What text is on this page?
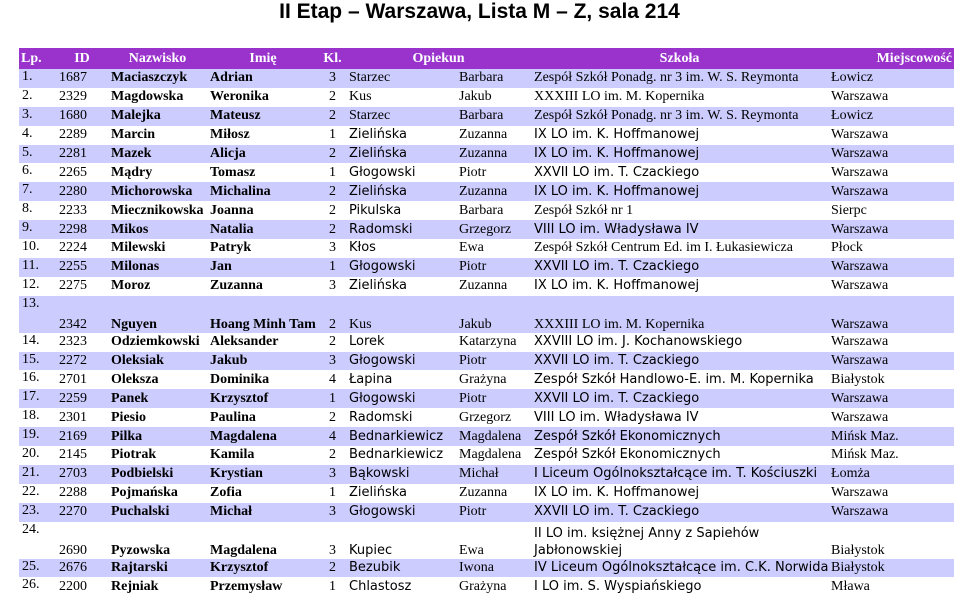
II Etap – Warszawa, Lista M – Z, sala 214
Lp.	ID	Nazwisko	Imię	Kl.	Opiekun		Szkoła	Miejscowość
1.	1687	Maciaszczyk	Adrian	3	Starzec	Barbara	Zespół Szkół Ponadg. nr 3 im. W. S. Reymonta	Łowicz
2.	2329	Magdowska	Weronika	2	Kus	Jakub	XXXIII LO im. M. Kopernika	Warszawa
3.	1680	Malejka	Mateusz	2	Starzec	Barbara	Zespół Szkół Ponadg. nr 3 im. W. S. Reymonta	Łowicz
4.	2289	Marcin	Miłosz	1	Zielińska	Zuzanna	IX LO im. K. Hoffmanowej	Warszawa
5.	2281	Mazek	Alicja	2	Zielińska	Zuzanna	IX LO im. K. Hoffmanowej	Warszawa
6.	2265	Mądry	Tomasz	1	Głogowski	Piotr	XXVII LO im. T. Czackiego	Warszawa
7.	2280	Michorowska	Michalina	2	Zielińska	Zuzanna	IX LO im. K. Hoffmanowej	Warszawa
8.	2233	Miecznikowska	Joanna	2	Pikulska	Barbara	Zespół Szkół nr 1	Sierpc
9.	2298	Mikos	Natalia	2	Radomski	Grzegorz	VIII LO im. Władysława IV	Warszawa
10.	2224	Milewski	Patryk	3	Kłos	Ewa	Zespół Szkół Centrum Ed. im I. Łukasiewicza	Płock
11.	2255	Milonas	Jan	1	Głogowski	Piotr	XXVII LO im. T. Czackiego	Warszawa
12.	2275	Moroz	Zuzanna	3	Zielińska	Zuzanna	IX LO im. K. Hoffmanowej	Warszawa
13.	2342	Nguyen	Hoang Minh Tam	2	Kus	Jakub	XXXIII LO im. M. Kopernika	Warszawa
14.	2323	Odziemkowski	Aleksander	2	Lorek	Katarzyna	XXVIII LO im. J. Kochanowskiego	Warszawa
15.	2272	Oleksiak	Jakub	3	Głogowski	Piotr	XXVII LO im. T. Czackiego	Warszawa
16.	2701	Oleksza	Dominika	4	Łapina	Grażyna	Zespół Szkół Handlowo-E. im. M. Kopernika	Białystok
17.	2259	Panek	Krzysztof	1	Głogowski	Piotr	XXVII LO im. T. Czackiego	Warszawa
18.	2301	Piesio	Paulina	2	Radomski	Grzegorz	VIII LO im. Władysława IV	Warszawa
19.	2169	Pilka	Magdalena	4	Bednarkiewicz	Magdalena	Zespół Szkół Ekonomicznych	Mińsk Maz.
20.	2145	Piotrak	Kamila	2	Bednarkiewicz	Magdalena	Zespół Szkół Ekonomicznych	Mińsk Maz.
21.	2703	Podbielski	Krystian	3	Bąkowski	Michał	I Liceum Ogólnokształcące im. T. Kościuszki	Łomża
22.	2288	Pojmańska	Zofia	1	Zielińska	Zuzanna	IX LO im. K. Hoffmanowej	Warszawa
23.	2270	Puchalski	Michał	3	Głogowski	Piotr	XXVII LO im. T. Czackiego	Warszawa
24.	2690	Pyzowska	Magdalena	3	Kupiec	Ewa	II LO im. księżnej Anny z Sapiehów Jabłonowskiej	Białystok
25.	2676	Rajtarski	Krzysztof	2	Bezubik	Iwona	IV Liceum Ogólnokształcące im. C.K. Norwida	Białystok
26.	2200	Rejniak	Przemysław	1	Chlastosz	Grażyna	I LO im. S. Wyspiańskiego	Mława
